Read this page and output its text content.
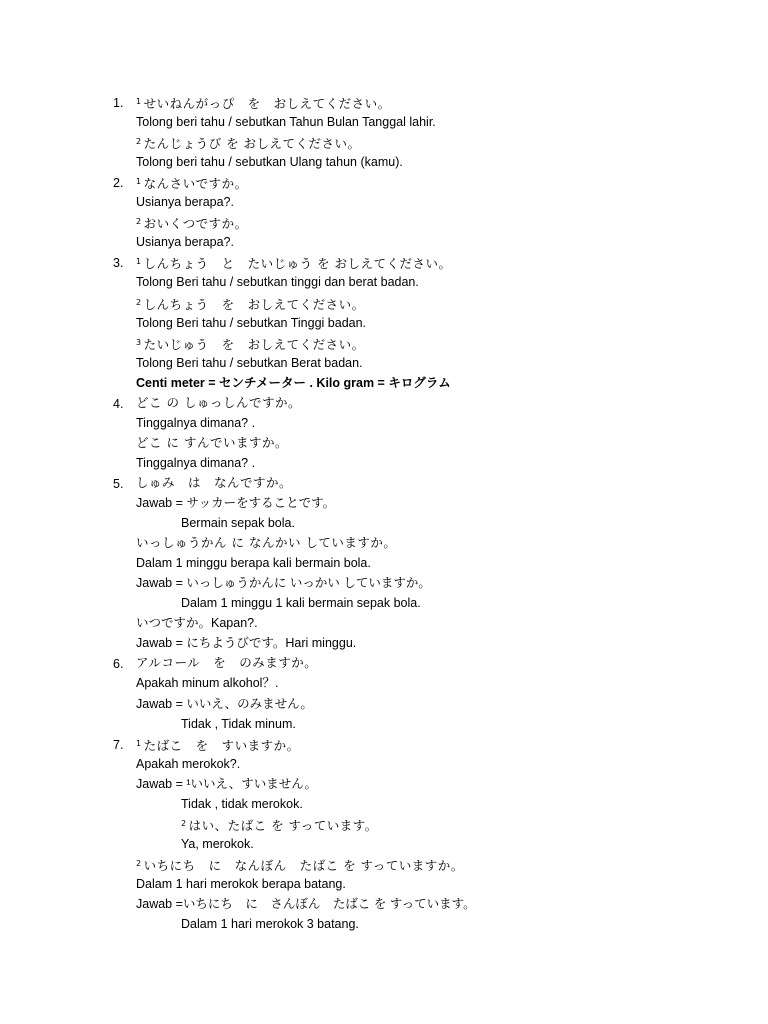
1. $^1$ せいねんがっぴ　を　おしえてください。
Tolong beri tahu / sebutkan Tahun Bulan Tanggal lahir.
$^2$ たんじょうび を おしえてください。
Tolong beri tahu / sebutkan Ulang tahun (kamu).
2. $^1$ なんさいですか。
Usianya berapa?.
$^2$ おいくつですか。
Usianya berapa?.
3. $^1$ しんちょう　と　たいじゅう を おしえてください。
Tolong Beri tahu / sebutkan tinggi dan berat badan.
$^2$ しんちょう　を　おしえてください。
Tolong Beri tahu / sebutkan Tinggi badan.
$^3$ たいじゅう　を　おしえてください。
Tolong Beri tahu / sebutkan Berat badan.
Centi meter = センチメーター . Kilo gram = キログラム
4. どこ の しゅっしんですか。
Tinggalnya dimana? .
どこ に すんでいますか。
Tinggalnya dimana? .
5. しゅみ　は　なんですか。
Jawab = サッカーをすることです。
Bermain sepak bola.
いっしゅうかん に なんかい していますか。
Dalam 1 minggu berapa kali bermain bola.
Jawab = いっしゅうかんに いっかい していますか。
Dalam 1 minggu 1 kali bermain sepak bola.
いつですか。Kapan?.
Jawab = にちようびです。Hari minggu.
6. アルコール　を　のみますか。
Apakah minum alkohol？.
Jawab = いいえ、のみません。
Tidak , Tidak minum.
7. $^1$ たばこ　を　すいますか。
Apakah merokok?.
Jawab = ¹いいえ、すいません。
Tidak , tidak merokok.
$^2$ はい、たばこ を すっています。
Ya, merokok.
$^2$ いちにち　に　なんぼん　たばこ を すっていますか。
Dalam 1 hari merokok berapa batang.
Jawab =いちにち　に　さんぼん　たばこ を すっています。
Dalam 1 hari merokok 3 batang.
